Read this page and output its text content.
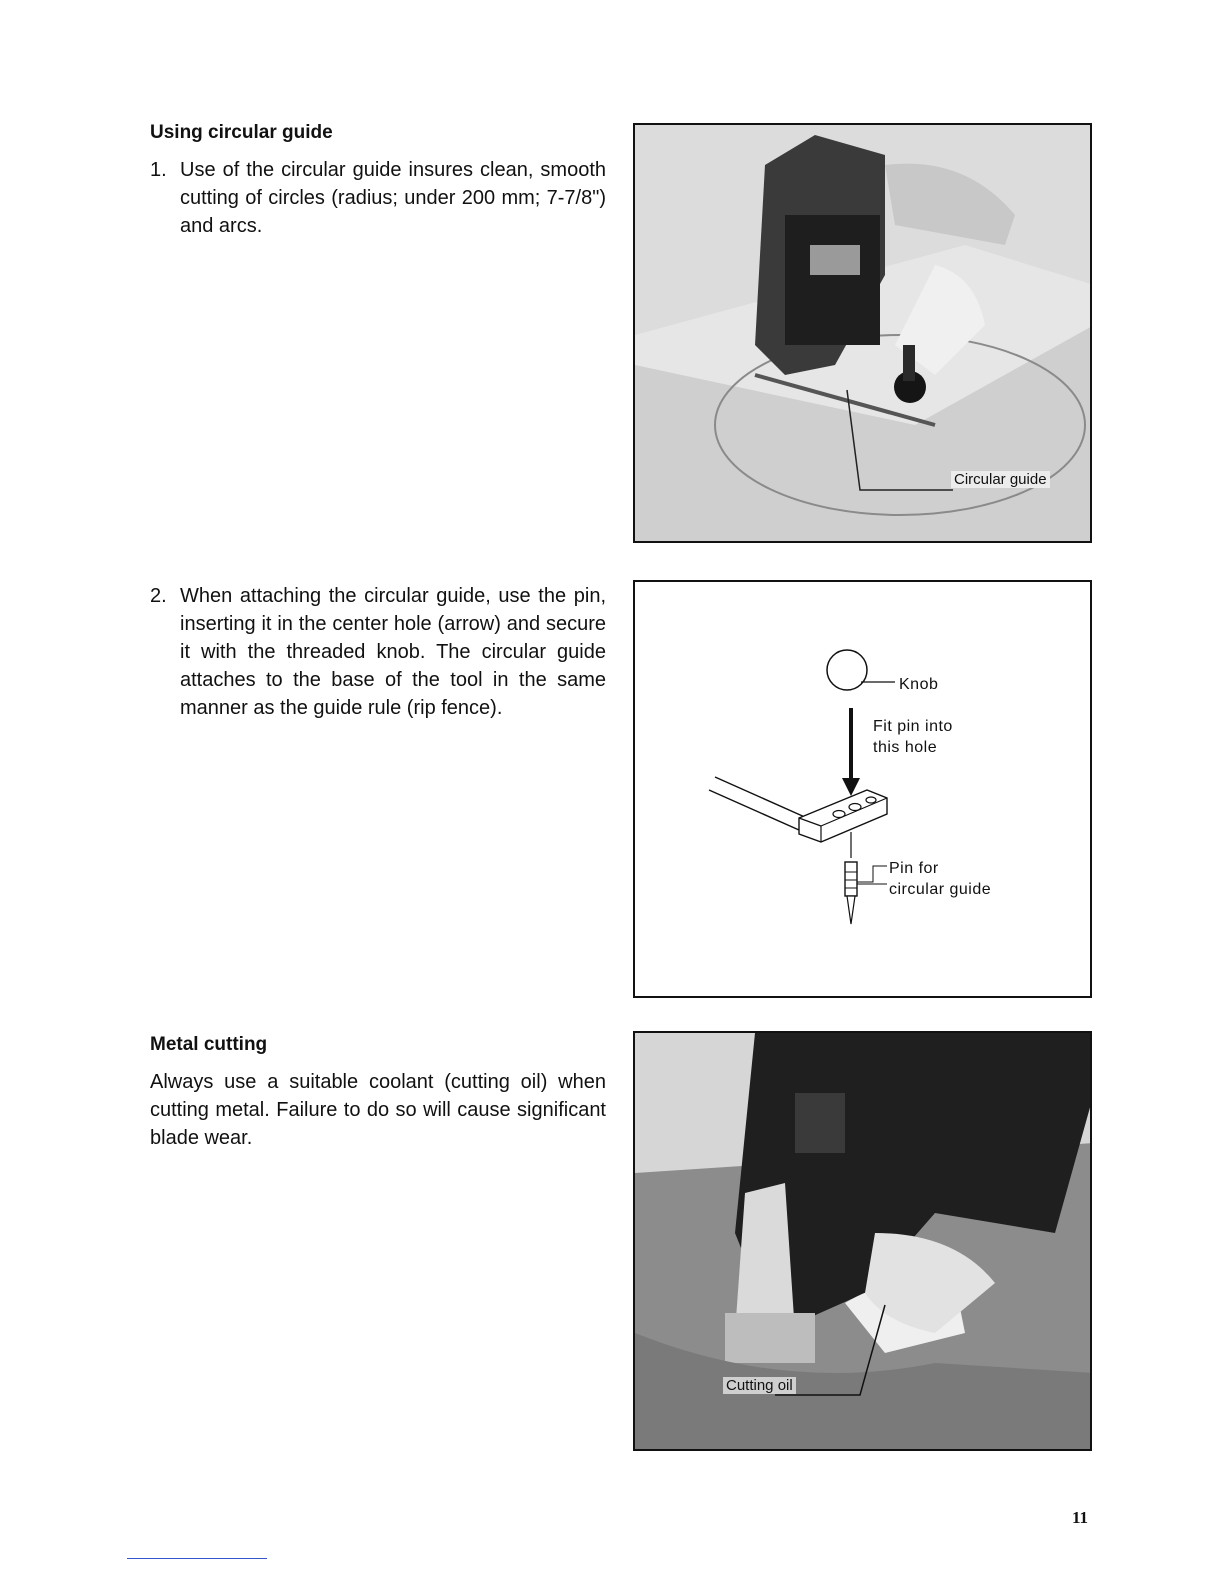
Using circular guide
1. Use of the circular guide insures clean, smooth cutting of circles (radius; under 200 mm; 7-7/8") and arcs.

Circular guide
2. When attaching the circular guide, use the pin, inserting it in the center hole (arrow) and secure it with the threaded knob. The circular guide attaches to the base of the tool in the same manner as the guide rule (rip fence).

Knob
Fit pin into
this hole
Pin for
circular guide
Metal cutting

Always use a suitable coolant (cutting oil) when cutting metal. Failure to do so will cause significant blade wear.

Cutting oil
11
